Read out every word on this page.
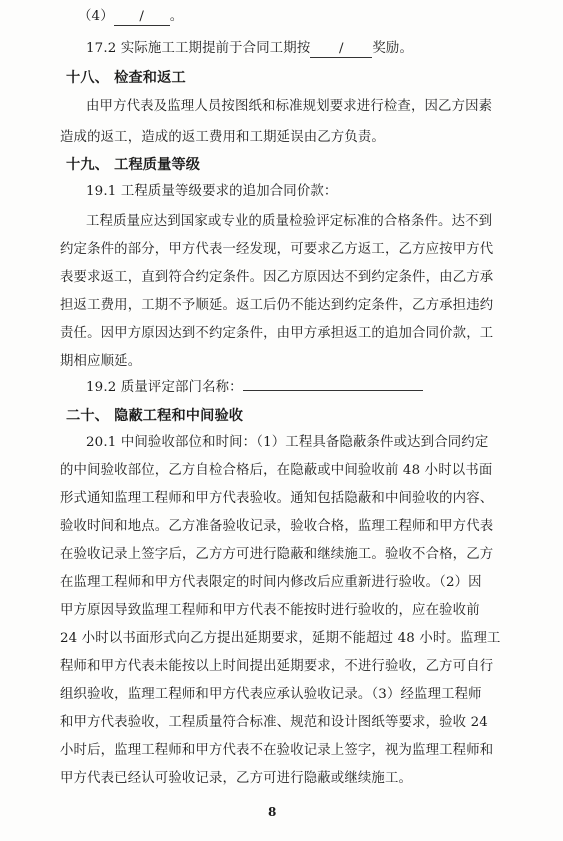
（4） / 。
17.2 实际施工工期提前于合同工期按 / 奖励。
十八、 检查和返工
由甲方代表及监理人员按图纸和标准规划要求进行检查，因乙方因素
造成的返工，造成的返工费用和工期延误由乙方负责。
十九、 工程质量等级
19.1 工程质量等级要求的追加合同价款：
工程质量应达到国家或专业的质量检验评定标准的合格条件。达不到
约定条件的部分，甲方代表一经发现，可要求乙方返工，乙方应按甲方代
表要求返工，直到符合约定条件。因乙方原因达不到约定条件，由乙方承
担返工费用，工期不予顺延。返工后仍不能达到约定条件，乙方承担违约
责任。因甲方原因达到不约定条件，由甲方承担返工的追加合同价款，工
期相应顺延。
19.2 质量评定部门名称：
二十、 隐蔽工程和中间验收
20.1 中间验收部位和时间：（1）工程具备隐蔽条件或达到合同约定
的中间验收部位，乙方自检合格后，在隐蔽或中间验收前 48 小时以书面
形式通知监理工程师和甲方代表验收。通知包括隐蔽和中间验收的内容、
验收时间和地点。乙方准备验收记录，验收合格，监理工程师和甲方代表
在验收记录上签字后，乙方方可进行隐蔽和继续施工。验收不合格，乙方
在监理工程师和甲方代表限定的时间内修改后应重新进行验收。（2）因
甲方原因导致监理工程师和甲方代表不能按时进行验收的，应在验收前
24 小时以书面形式向乙方提出延期要求，延期不能超过 48 小时。监理工
程师和甲方代表未能按以上时间提出延期要求，不进行验收，乙方可自行
组织验收，监理工程师和甲方代表应承认验收记录。（3）经监理工程师
和甲方代表验收，工程质量符合标准、规范和设计图纸等要求，验收 24
小时后，监理工程师和甲方代表不在验收记录上签字，视为监理工程师和
甲方代表已经认可验收记录，乙方可进行隐蔽或继续施工。
8
